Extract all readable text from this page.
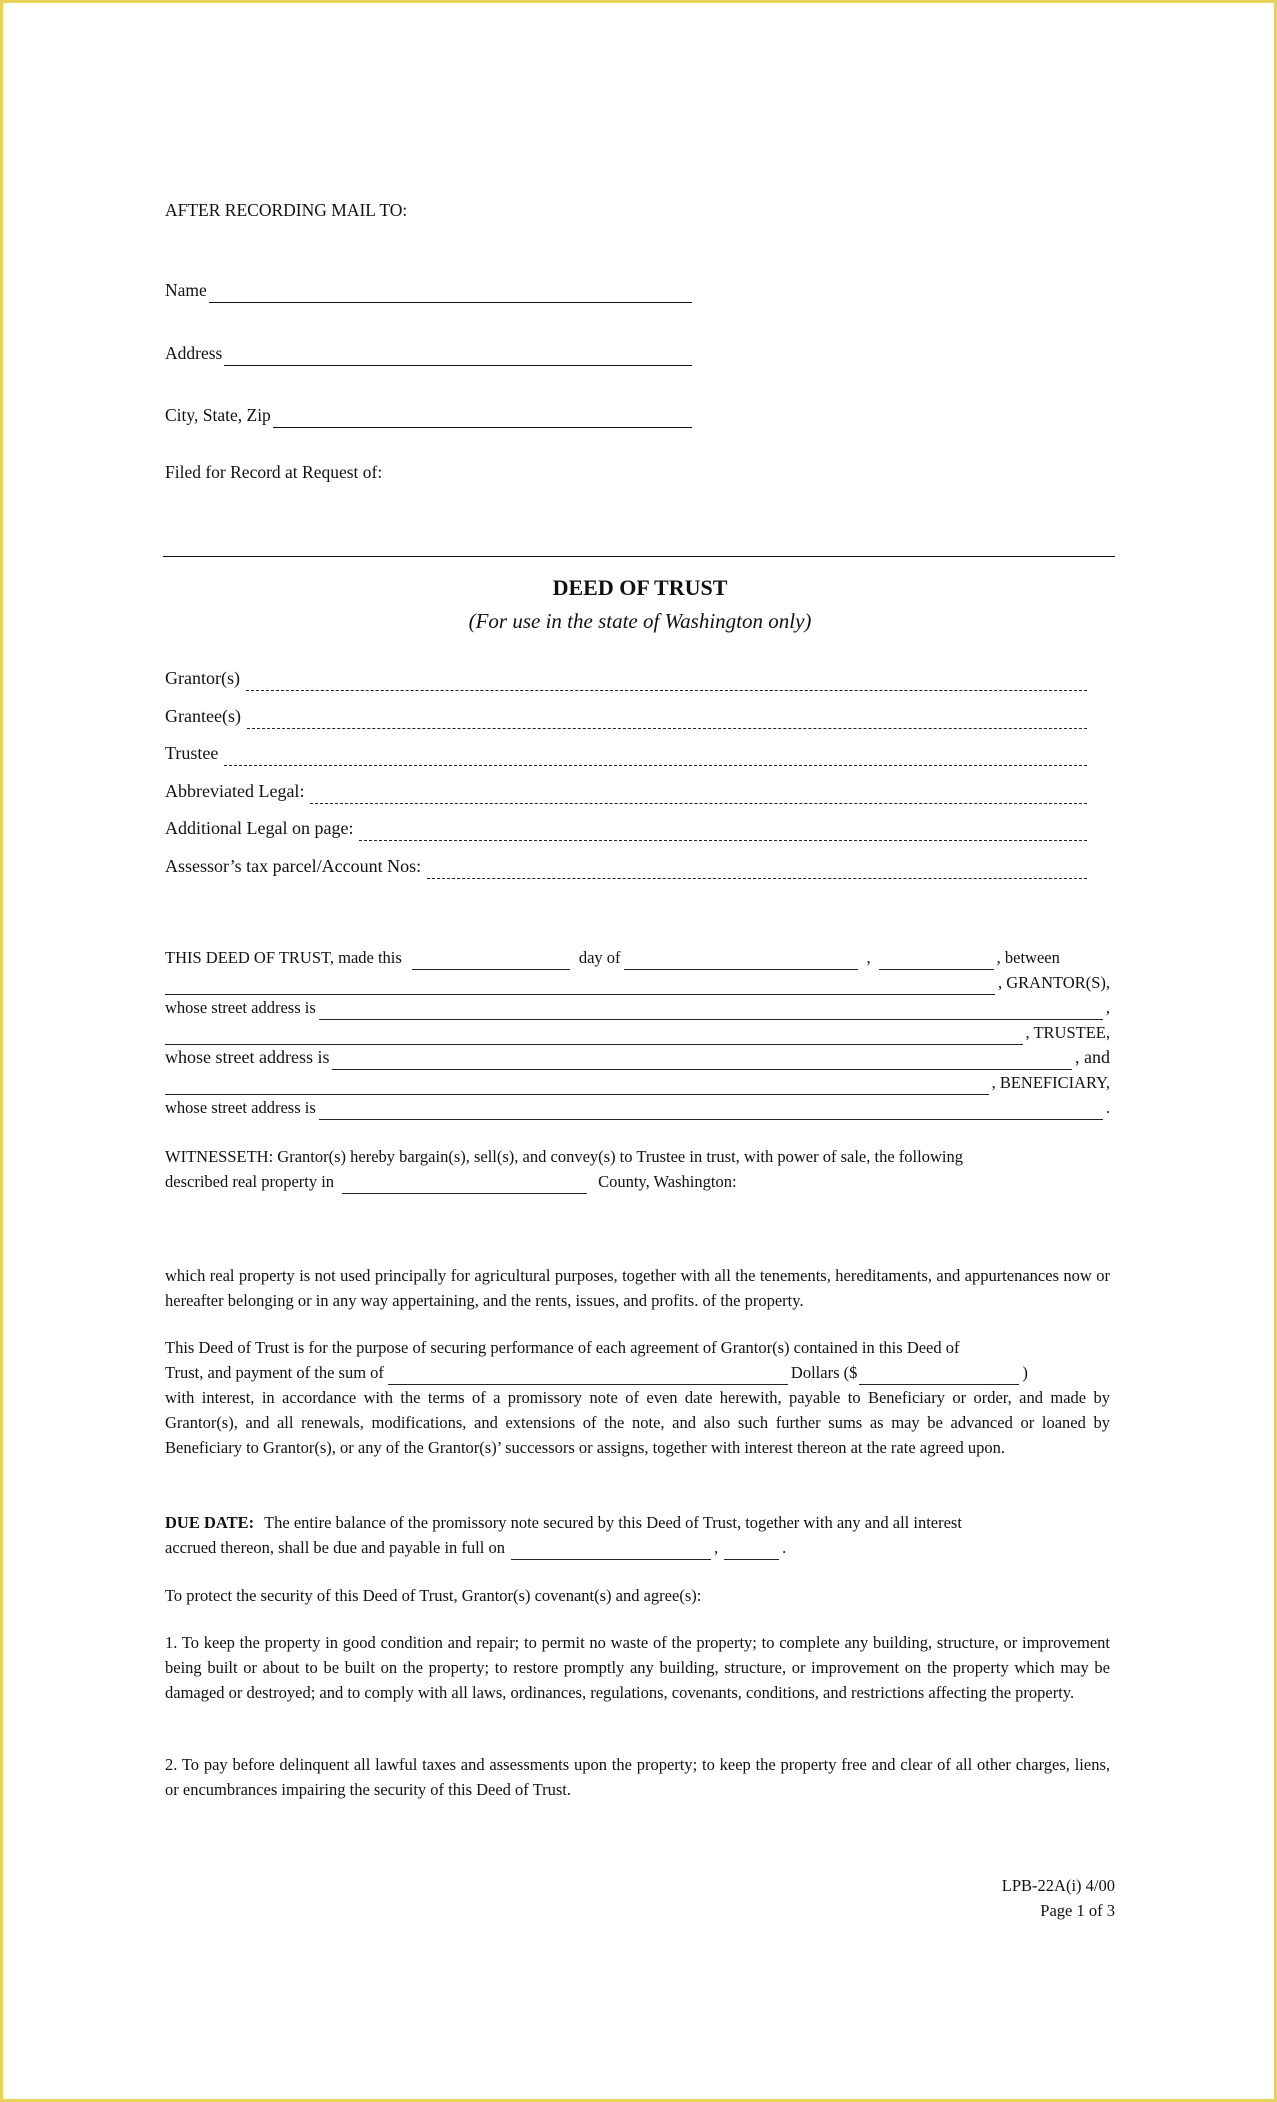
AFTER RECORDING MAIL TO:
Name
Address
City, State, Zip
Filed for Record at Request of:
DEED OF TRUST
(For use in the state of Washington only)
Grantor(s)
Grantee(s)
Trustee
Abbreviated Legal:
Additional Legal on page:
Assessor’s tax parcel/Account Nos:
THIS DEED OF TRUST, made this	day of	,	, between
, GRANTOR(S),
whose street address is	,
, TRUSTEE,
whose street address is	, and
, BENEFICIARY,
whose street address is	.
WITNESSETH: Grantor(s) hereby bargain(s), sell(s), and convey(s) to Trustee in trust, with power of sale, the following
described real property in	County, Washington:

which real property is not used principally for agricultural purposes, together with all the tenements, hereditaments, and appurtenances now or hereafter belonging or in any way appertaining, and the rents, issues, and profits. of the property.

This Deed of Trust is for the purpose of securing performance of each agreement of Grantor(s) contained in this Deed of
Trust, and payment of the sum of	Dollars ($	)

with interest, in accordance with the terms of a promissory note of even date herewith, payable to Beneficiary or order, and made by Grantor(s), and all renewals, modifications, and extensions of the note, and also such further sums as may be advanced or loaned by Beneficiary to Grantor(s), or any of the Grantor(s)’ successors or assigns, together with interest thereon at the rate agreed upon.

DUE DATE: The entire balance of the promissory note secured by this Deed of Trust, together with any and all interest
accrued thereon, shall be due and payable in full on	,	.

To protect the security of this Deed of Trust, Grantor(s) covenant(s) and agree(s):

1. To keep the property in good condition and repair; to permit no waste of the property; to complete any building, structure, or improvement being built or about to be built on the property; to restore promptly any building, structure, or improvement on the property which may be damaged or destroyed; and to comply with all laws, ordinances, regulations, covenants, conditions, and restrictions affecting the property.

2. To pay before delinquent all lawful taxes and assessments upon the property; to keep the property free and clear of all other charges, liens, or encumbrances impairing the security of this Deed of Trust.

LPB-22A(i) 4/00
Page 1 of 3
